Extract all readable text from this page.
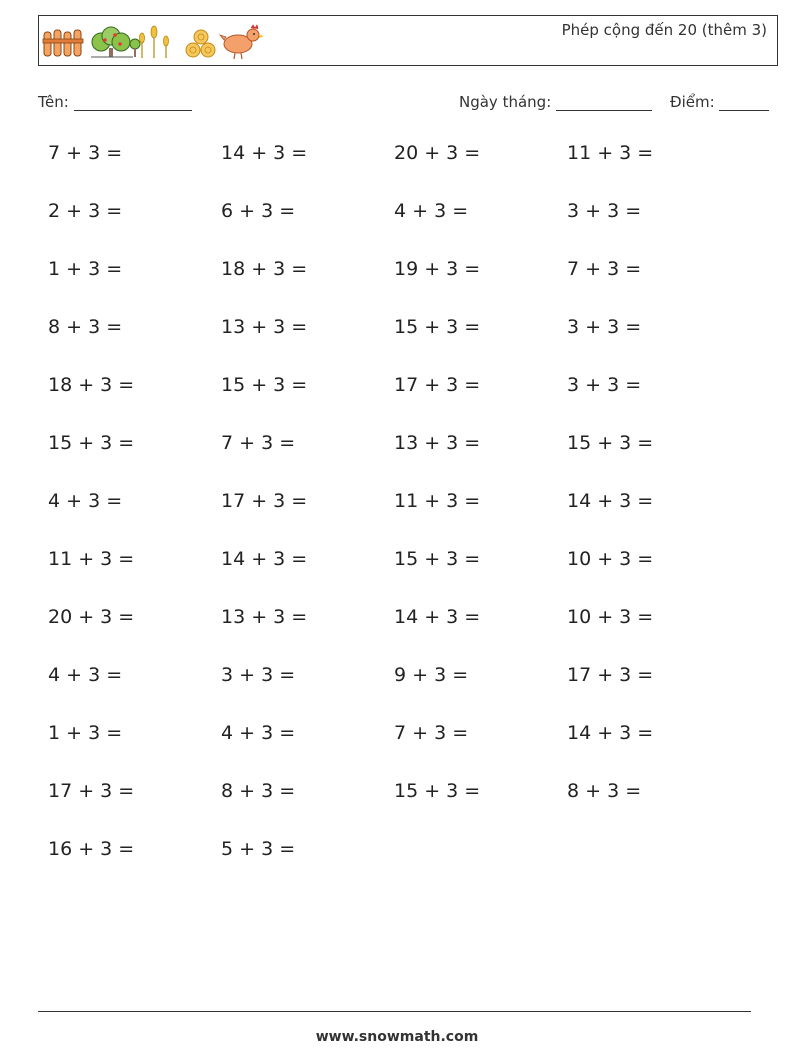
Phép cộng đến 20 (thêm 3)
Tên:	Ngày tháng:	Điểm:
7 + 3 =	14 + 3 =	20 + 3 =	11 + 3 =
2 + 3 =	6 + 3 =	4 + 3 =	3 + 3 =
1 + 3 =	18 + 3 =	19 + 3 =	7 + 3 =
8 + 3 =	13 + 3 =	15 + 3 =	3 + 3 =
18 + 3 =	15 + 3 =	17 + 3 =	3 + 3 =
15 + 3 =	7 + 3 =	13 + 3 =	15 + 3 =
4 + 3 =	17 + 3 =	11 + 3 =	14 + 3 =
11 + 3 =	14 + 3 =	15 + 3 =	10 + 3 =
20 + 3 =	13 + 3 =	14 + 3 =	10 + 3 =
4 + 3 =	3 + 3 =	9 + 3 =	17 + 3 =
1 + 3 =	4 + 3 =	7 + 3 =	14 + 3 =
17 + 3 =	8 + 3 =	15 + 3 =	8 + 3 =
16 + 3 =	5 + 3 =
www.snowmath.com
